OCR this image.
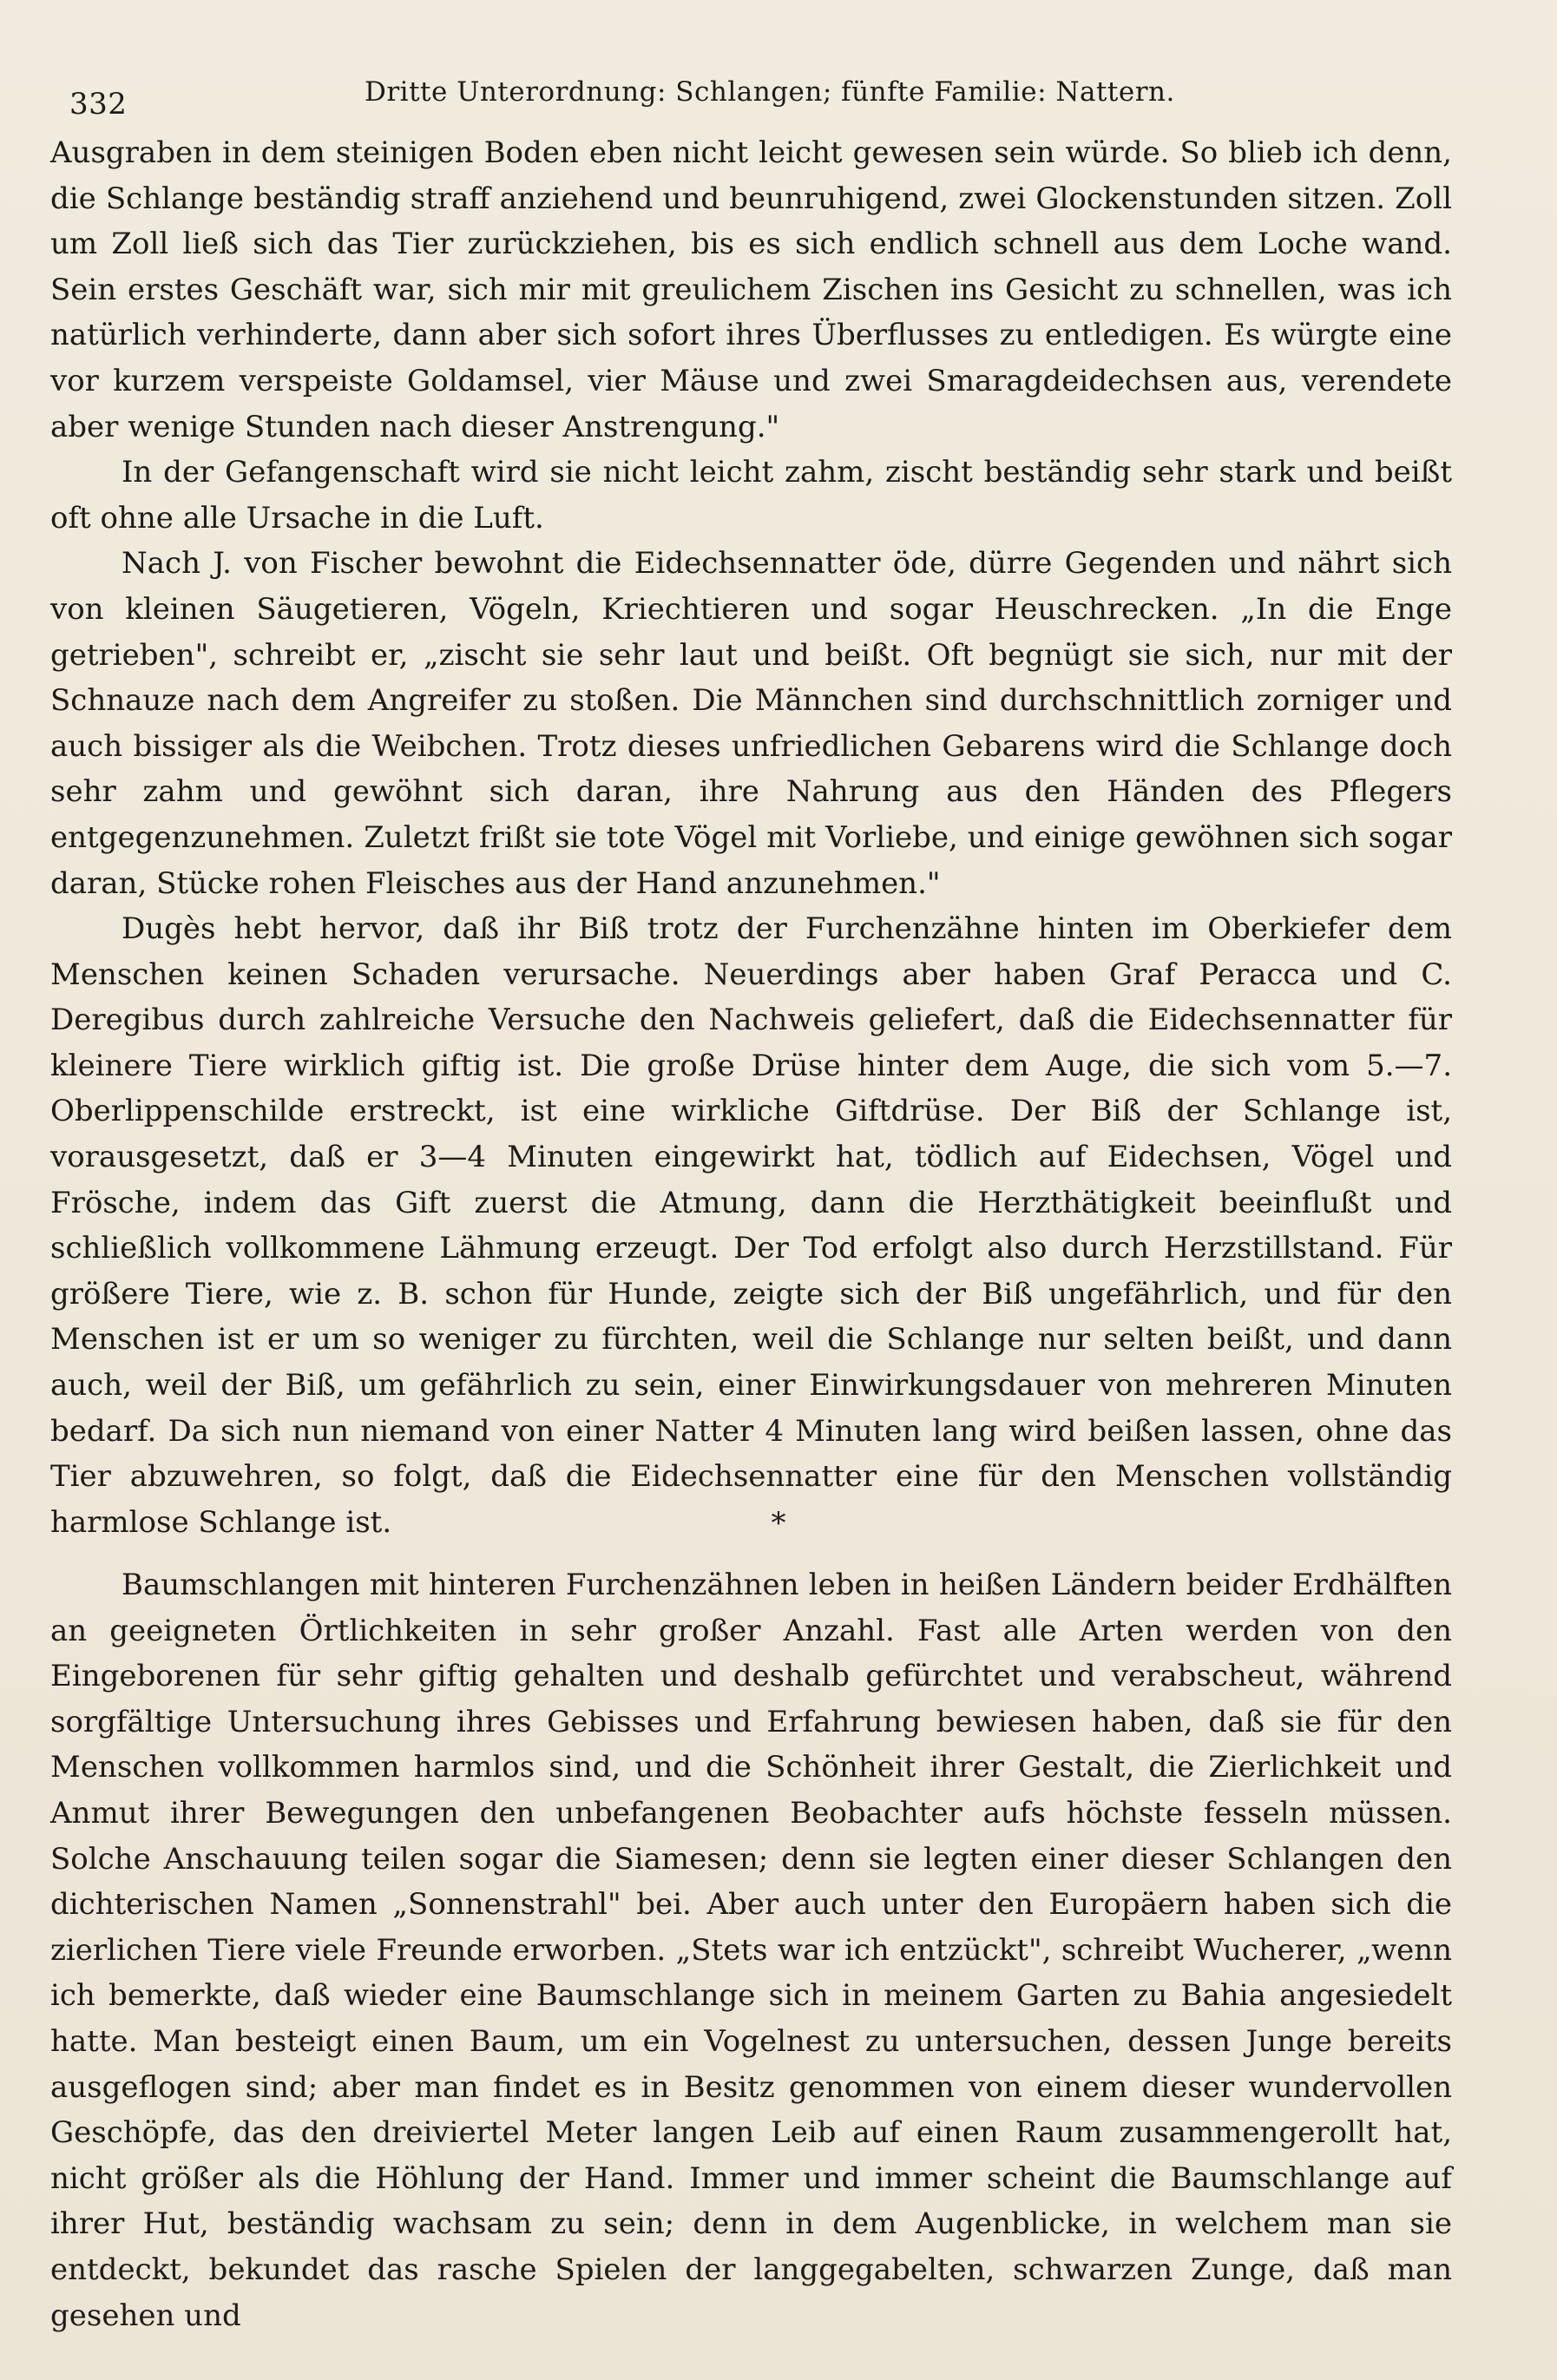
332	Dritte Unterordnung: Schlangen; fünfte Familie: Nattern.

Ausgraben in dem steinigen Boden eben nicht leicht gewesen sein würde. So blieb ich denn, die Schlange beständig straff anziehend und beunruhigend, zwei Glockenstunden sitzen. Zoll um Zoll ließ sich das Tier zurückziehen, bis es sich endlich schnell aus dem Loche wand. Sein erstes Geschäft war, sich mir mit greulichem Zischen ins Gesicht zu schnellen, was ich natürlich verhinderte, dann aber sich sofort ihres Überflusses zu entledigen. Es würgte eine vor kurzem verspeiste Goldamsel, vier Mäuse und zwei Smaragdeidechsen aus, verendete aber wenige Stunden nach dieser Anstrengung."

In der Gefangenschaft wird sie nicht leicht zahm, zischt beständig sehr stark und beißt oft ohne alle Ursache in die Luft.

Nach J. von Fischer bewohnt die Eidechsennatter öde, dürre Gegenden und nährt sich von kleinen Säugetieren, Vögeln, Kriechtieren und sogar Heuschrecken. „In die Enge getrieben", schreibt er, „zischt sie sehr laut und beißt. Oft begnügt sie sich, nur mit der Schnauze nach dem Angreifer zu stoßen. Die Männchen sind durchschnittlich zorniger und auch bissiger als die Weibchen. Trotz dieses unfriedlichen Gebarens wird die Schlange doch sehr zahm und gewöhnt sich daran, ihre Nahrung aus den Händen des Pflegers entgegenzunehmen. Zuletzt frißt sie tote Vögel mit Vorliebe, und einige gewöhnen sich sogar daran, Stücke rohen Fleisches aus der Hand anzunehmen."

Dugès hebt hervor, daß ihr Biß trotz der Furchenzähne hinten im Oberkiefer dem Menschen keinen Schaden verursache. Neuerdings aber haben Graf Peracca und C. Deregibus durch zahlreiche Versuche den Nachweis geliefert, daß die Eidechsennatter für kleinere Tiere wirklich giftig ist. Die große Drüse hinter dem Auge, die sich vom 5.—7. Oberlippenschilde erstreckt, ist eine wirkliche Giftdrüse. Der Biß der Schlange ist, vorausgesetzt, daß er 3—4 Minuten eingewirkt hat, tödlich auf Eidechsen, Vögel und Frösche, indem das Gift zuerst die Atmung, dann die Herzthätigkeit beeinflußt und schließlich vollkommene Lähmung erzeugt. Der Tod erfolgt also durch Herzstillstand. Für größere Tiere, wie z. B. schon für Hunde, zeigte sich der Biß ungefährlich, und für den Menschen ist er um so weniger zu fürchten, weil die Schlange nur selten beißt, und dann auch, weil der Biß, um gefährlich zu sein, einer Einwirkungsdauer von mehreren Minuten bedarf. Da sich nun niemand von einer Natter 4 Minuten lang wird beißen lassen, ohne das Tier abzuwehren, so folgt, daß die Eidechsennatter eine für den Menschen vollständig harmlose Schlange ist.	*

Baumschlangen mit hinteren Furchenzähnen leben in heißen Ländern beider Erdhälften an geeigneten Örtlichkeiten in sehr großer Anzahl. Fast alle Arten werden von den Eingeborenen für sehr giftig gehalten und deshalb gefürchtet und verabscheut, während sorgfältige Untersuchung ihres Gebisses und Erfahrung bewiesen haben, daß sie für den Menschen vollkommen harmlos sind, und die Schönheit ihrer Gestalt, die Zierlichkeit und Anmut ihrer Bewegungen den unbefangenen Beobachter aufs höchste fesseln müssen. Solche Anschauung teilen sogar die Siamesen; denn sie legten einer dieser Schlangen den dichterischen Namen „Sonnenstrahl" bei. Aber auch unter den Europäern haben sich die zierlichen Tiere viele Freunde erworben. „Stets war ich entzückt", schreibt Wucherer, „wenn ich bemerkte, daß wieder eine Baumschlange sich in meinem Garten zu Bahia angesiedelt hatte. Man besteigt einen Baum, um ein Vogelnest zu untersuchen, dessen Junge bereits ausgeflogen sind; aber man findet es in Besitz genommen von einem dieser wundervollen Geschöpfe, das den dreiviertel Meter langen Leib auf einen Raum zusammengerollt hat, nicht größer als die Höhlung der Hand. Immer und immer scheint die Baumschlange auf ihrer Hut, beständig wachsam zu sein; denn in dem Augenblicke, in welchem man sie entdeckt, bekundet das rasche Spielen der langgegabelten, schwarzen Zunge, daß man gesehen und
